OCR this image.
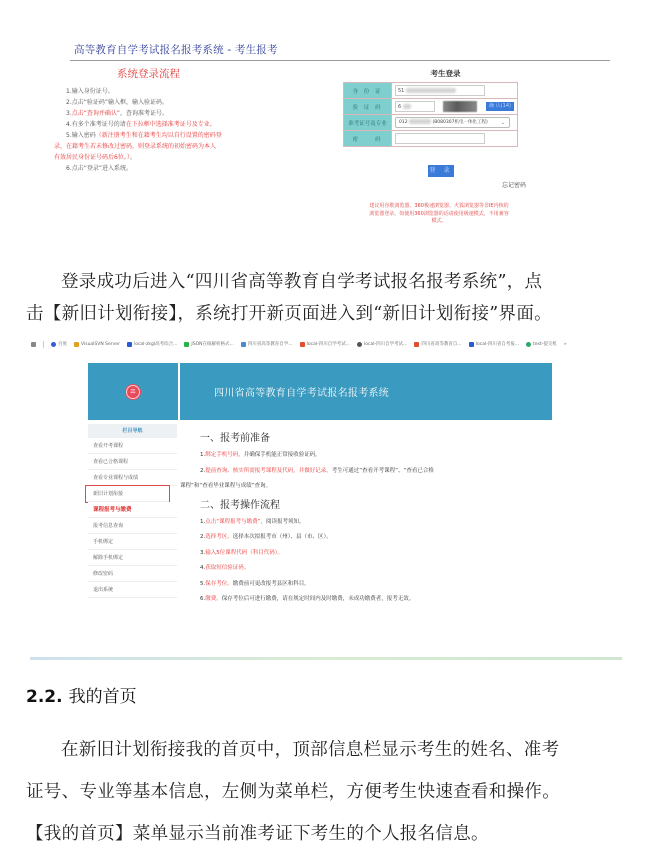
高等教育自学考试报名报考系统 - 考生报考
系统登录流程
1.输入身份证号。
2.点击“验证码”输入框，输入验证码。
3.点击“查询并确认”，查询准考证号。
4.有多个准考证号的请在下拉框中选择准考证号及专业。
5.输入密码（新注册考生和在籍考生均以自行设置的密码登
录，在籍考生若未修改过密码，则登录系统的初始密码为本人
有效居民身份证号码后6位。）。
6.点击“登录”进入系统。
考生登录
身 份 证	51
验 证 码	6 确 认(14)

准考证号及专业	012 (B080307机电一体化工程) ⌄

密　　码	
登 录
忘记密码
建议用谷歌浏览器、360极速浏览器、火狐浏览器等非IE内核的浏览器登录。如使用360浏览器的话请使用极速模式，不用兼容模式。
登录成功后进入“四川省高等教育自学考试报名报考系统”，点
击【新旧计划衔接】，系统打开新页面进入到“新旧计划衔接”界面。
百度	VisualSVN Server	local-zkgl高考综合...	JSON在线解析格式...	四川省高等教育自学...	local-四川自学考试...	local-四川自学考试...	四川省高等教育自...	local-四川省自考报...	test-提交机 »
⚖	四川省高等教育自学考试报名报考系统
栏目导航
查看开考课程
查看已合格课程
查看专业课程与成绩
新旧计划衔接
课程报考与缴费
报考信息查询
手机绑定
解除手机绑定
修改密码
退出系统
一、报考前准备
1.绑定手机号码，并确保手机能正常接收验证码。
2.提前查询、核实所需报考课程及代码，并做好记录。考生可通过“查看开考课程”、“查看已合格
课程”和“查看毕业课程与成绩”查询。
二、报考操作流程
1.点击“课程报考与缴费”，阅读报考须知。
2.选择考区。选择本次拟报考市（州）、县（市、区）。
3.输入5位课程代码（科目代码）。
4.获取短信验证码。
5.保存考位。缴费前可更改报考县区和科目。
6.缴费。保存考位后可进行缴费，请在规定时间内及时缴费，未成功缴费者，报考无效。
2.2. 我的首页
在新旧计划衔接我的首页中，顶部信息栏显示考生的姓名、准考
证号、专业等基本信息，左侧为菜单栏，方便考生快速查看和操作。
【我的首页】菜单显示当前准考证下考生的个人报名信息。
